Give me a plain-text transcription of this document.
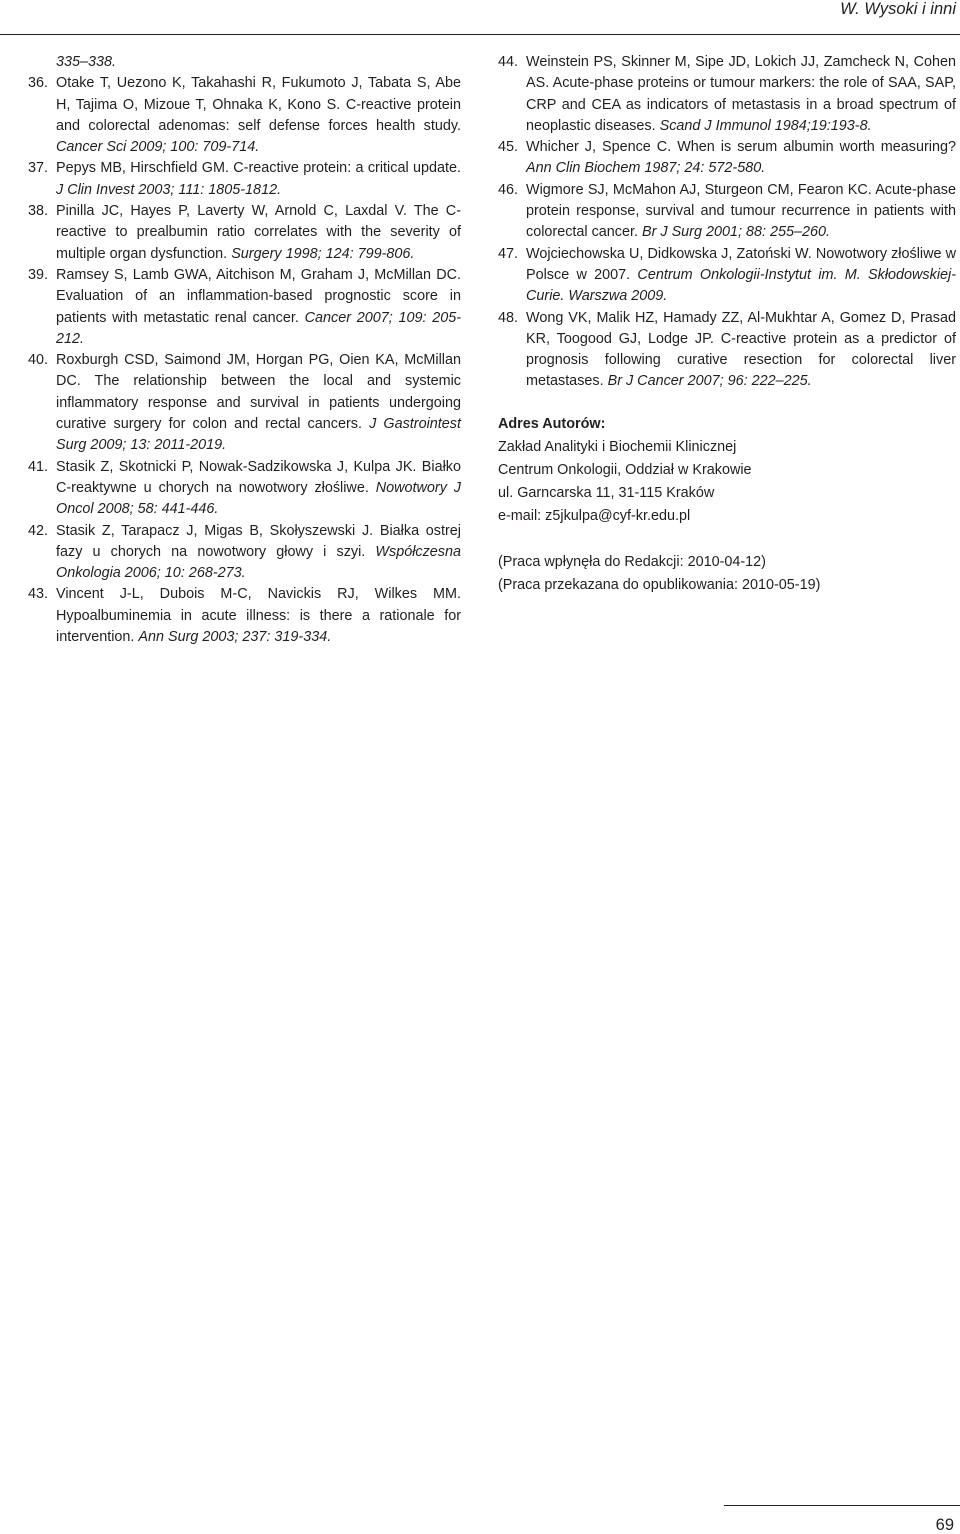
W. Wysoki i inni
335–338.
36. Otake T, Uezono K, Takahashi R, Fukumoto J, Tabata S, Abe H, Tajima O, Mizoue T, Ohnaka K, Kono S. C-reactive protein and colorectal adenomas: self defense forces health study. Cancer Sci 2009; 100: 709-714.
37. Pepys MB, Hirschfield GM. C-reactive protein: a critical update. J Clin Invest 2003; 111: 1805-1812.
38. Pinilla JC, Hayes P, Laverty W, Arnold C, Laxdal V. The C-reactive to prealbumin ratio correlates with the severity of multiple organ dysfunction. Surgery 1998; 124: 799-806.
39. Ramsey S, Lamb GWA, Aitchison M, Graham J, McMillan DC. Evaluation of an inflammation-based prognostic score in patients with metastatic renal cancer. Cancer 2007; 109: 205-212.
40. Roxburgh CSD, Saimond JM, Horgan PG, Oien KA, McMillan DC. The relationship between the local and systemic inflammatory response and survival in patients undergoing curative surgery for colon and rectal cancers. J Gastrointest Surg 2009; 13: 2011-2019.
41. Stasik Z, Skotnicki P, Nowak-Sadzikowska J, Kulpa JK. Białko C-reaktywne u chorych na nowotwory złośliwe. Nowotwory J Oncol 2008; 58: 441-446.
42. Stasik Z, Tarapacz J, Migas B, Skołyszewski J. Białka ostrej fazy u chorych na nowotwory głowy i szyi. Współczesna Onkologia 2006; 10: 268-273.
43. Vincent J-L, Dubois M-C, Navickis RJ, Wilkes MM. Hypoalbuminemia in acute illness: is there a rationale for intervention. Ann Surg 2003; 237: 319-334.
44. Weinstein PS, Skinner M, Sipe JD, Lokich JJ, Zamcheck N, Cohen AS. Acute-phase proteins or tumour markers: the role of SAA, SAP, CRP and CEA as indicators of metastasis in a broad spectrum of neoplastic diseases. Scand J Immunol 1984;19:193-8.
45. Whicher J, Spence C. When is serum albumin worth measuring? Ann Clin Biochem 1987; 24: 572-580.
46. Wigmore SJ, McMahon AJ, Sturgeon CM, Fearon KC. Acute-phase protein response, survival and tumour recurrence in patients with colorectal cancer. Br J Surg 2001; 88: 255–260.
47. Wojciechowska U, Didkowska J, Zatoński W. Nowotwory złośliwe w Polsce w 2007. Centrum Onkologii-Instytut im. M. Skłodowskiej-Curie. Warszwa 2009.
48. Wong VK, Malik HZ, Hamady ZZ, Al-Mukhtar A, Gomez D, Prasad KR, Toogood GJ, Lodge JP. C-reactive protein as a predictor of prognosis following curative resection for colorectal liver metastases. Br J Cancer 2007; 96: 222–225.
Adres Autorów:
Zakład Analityki i Biochemii Klinicznej
Centrum Onkologii, Oddział w Krakowie
ul. Garncarska 11, 31-115 Kraków
e-mail: z5jkulpa@cyf-kr.edu.pl
(Praca wpłynęła do Redakcji: 2010-04-12)
(Praca przekazana do opublikowania: 2010-05-19)
69
